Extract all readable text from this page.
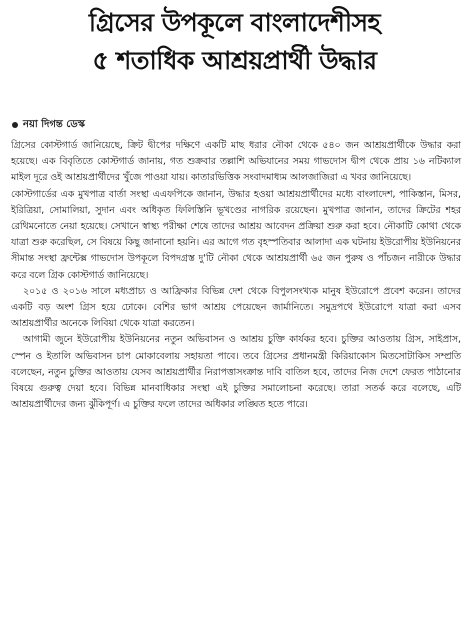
গ্রিসের উপকূলে বাংলাদেশীসহ
৫ শতাধিক আশ্রয়প্রার্থী উদ্ধার
নয়া দিগন্ত ডেস্ক

গ্রিসের কোস্টগার্ড জানিয়েছে, ক্রিট দ্বীপের দক্ষিণে একটি মাছ ধরার নৌকা থেকে ৫৪০ জন আশ্রয়প্রার্থীকে উদ্ধার করা হয়েছে। এক বিবৃতিতে কোস্টগার্ড জানায়, গত শুক্রবার তল্লাশি অভিযানের সময় গাভদোস দ্বীপ থেকে প্রায় ১৬ নটিক্যাল মাইল দূরে ওই আশ্রয়প্রার্থীদের খুঁজে পাওয়া যায়। কাতারভিত্তিক সংবাদমাধ্যম আলজাজিরা এ খবর জানিয়েছে।

কোস্টগার্ডের এক মুখপাত্র বার্তা সংস্থা এএফপিকে জানান, উদ্ধার হওয়া আশ্রয়প্রার্থীদের মধ্যে বাংলাদেশ, পাকিস্তান, মিসর, ইরিত্রিয়া, সোমালিয়া, সুদান এবং অধিকৃত ফিলিস্তিনি ভূখণ্ডের নাগরিক রয়েছেন। মুখপাত্র জানান, তাদের ক্রিটের শহর রেথিমনোতে নেয়া হয়েছে। সেখানে স্বাস্থ্য পরীক্ষা শেষে তাদের আশ্রয় আবেদন প্রক্রিয়া শুরু করা হবে। নৌকাটি কোথা থেকে যাত্রা শুরু করেছিল, সে বিষয়ে কিছু জানানো হয়নি। এর আগে গত বৃহস্পতিবার আলাদা এক ঘটনায় ইউরোপীয় ইউনিয়নের সীমান্ত সংস্থা ফ্রন্টেক্স গাভদোস উপকূলে বিপদগ্রস্ত দু'টি নৌকা থেকে আশ্রয়প্রার্থী ৬৫ জন পুরুষ ও পাঁচজন নারীকে উদ্ধার করে বলে গ্রিক কোস্টগার্ড জানিয়েছে।

২০১৫ ও ২০১৬ সালে মধ্যপ্রাচ্য ও আফ্রিকার বিভিন্ন দেশ থেকে বিপুলসংখ্যক মানুষ ইউরোপে প্রবেশ করেন। তাদের একটি বড় অংশ গ্রিস হয়ে ঢোকে। বেশির ভাগ আশ্রয় পেয়েছেন জার্মানিতে। সমুদ্রপথে ইউরোপে যাত্রা করা এসব আশ্রয়প্রার্থীর অনেকে লিবিয়া থেকে যাত্রা করতেন।

আগামী জুনে ইউরোপীয় ইউনিয়নের নতুন অভিবাসন ও আশ্রয় চুক্তি কার্যকর হবে। চুক্তির আওতায় গ্রিস, সাইপ্রাস, স্পেন ও ইতালি অভিবাসন চাপ মোকাবেলায় সহায়তা পাবে। তবে গ্রিসের প্রধানমন্ত্রী কিরিয়াকোস মিতসোটাকিস সম্প্রতি বলেছেন, নতুন চুক্তির আওতায় যেসব আশ্রয়প্রার্থীর নিরাপত্তাসংক্রান্ত দাবি বাতিল হবে, তাদের নিজ দেশে ফেরত পাঠানোর বিষয়ে গুরুত্ব দেয়া হবে। বিভিন্ন মানবাধিকার সংস্থা এই চুক্তির সমালোচনা করেছে। তারা সতর্ক করে বলেছে, এটি আশ্রয়প্রার্থীদের জন্য ঝুঁকিপূর্ণ। এ চুক্তির ফলে তাদের অধিকার লঙ্ঘিত হতে পারে।
